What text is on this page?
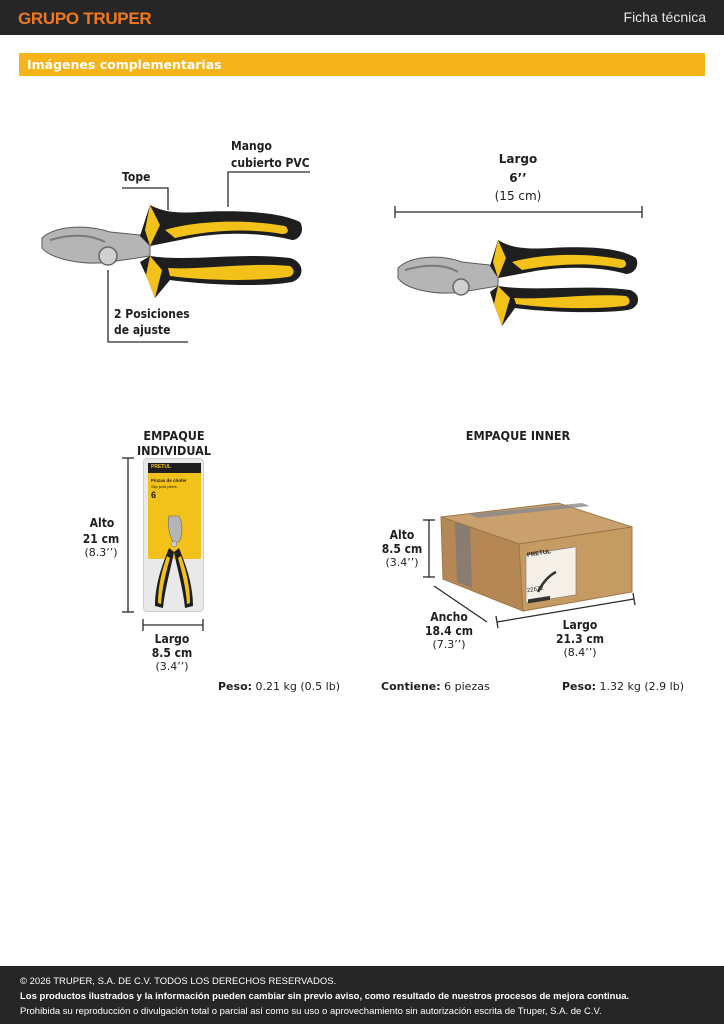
GRUPO TRUPER	Ficha técnica
Imágenes complementarias
Tope
Mango
cubierto PVC
2 Posiciones
de ajuste
Largo
6’’
(15 cm)
EMPAQUE INDIVIDUAL
PRETUL
Pinzas de chofer
Slip joint pliers
6
Alto
21 cm
(8.3’’)
Largo
8.5 cm
(3.4’’)
Peso: 0.21 kg (0.5 lb)
EMPAQUE INNER
PRETUL
22672
Alto
8.5 cm
(3.4’’)
Ancho
18.4 cm
(7.3’’)
Largo
21.3 cm
(8.4’’)
Contiene: 6 piezas	Peso: 1.32 kg (2.9 lb)
© 2026 TRUPER, S.A. DE C.V. TODOS LOS DERECHOS RESERVADOS.
Los productos ilustrados y la información pueden cambiar sin previo aviso, como resultado de nuestros procesos de mejora continua.
Prohibida su reproducción o divulgación total o parcial así como su uso o aprovechamiento sin autorización escrita de Truper, S.A. de C.V.
